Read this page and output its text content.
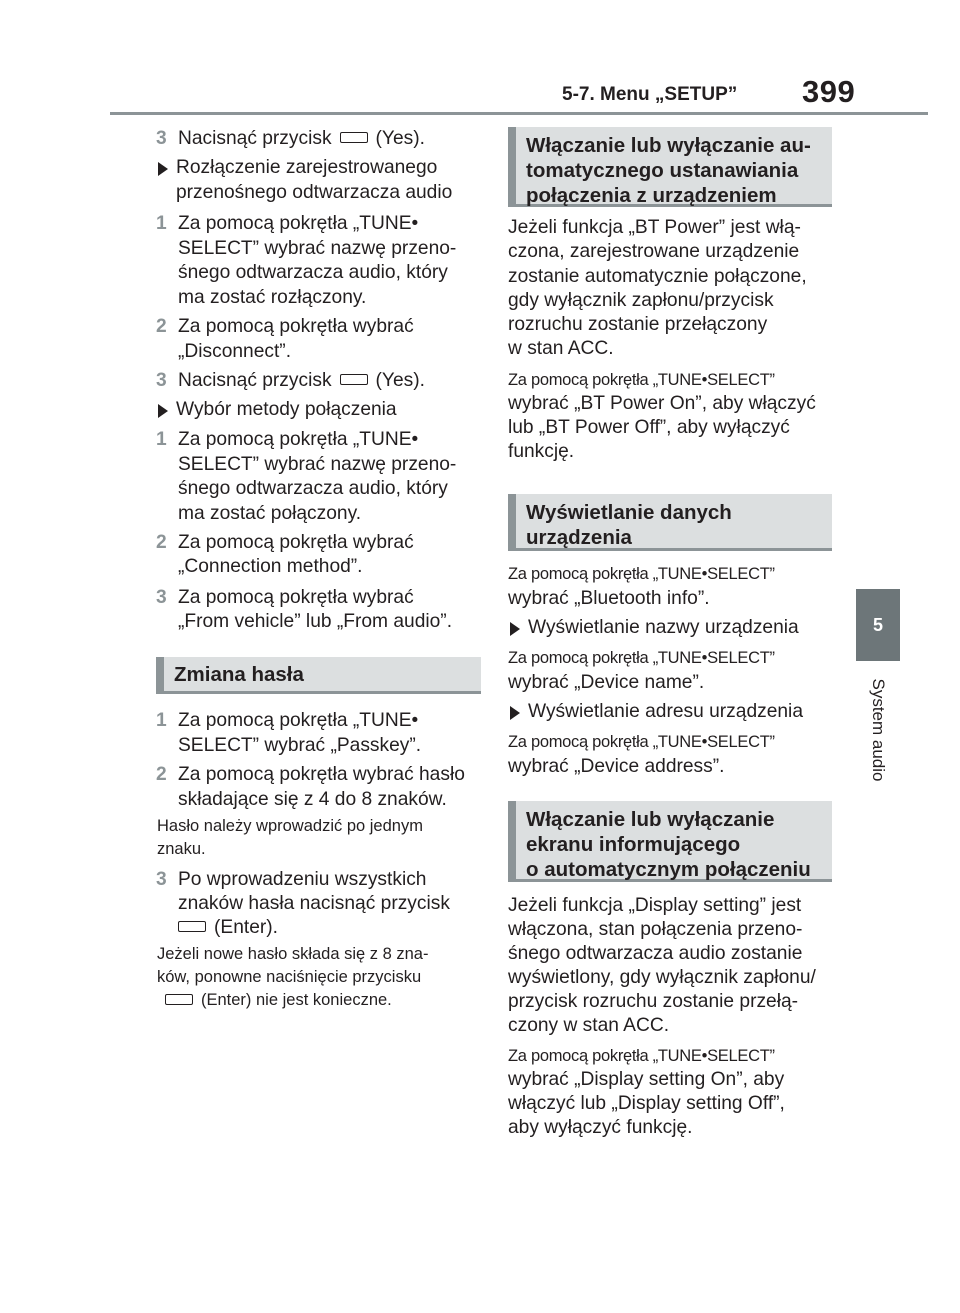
5-7. Menu „SETUP” 399
5
System audio
3 Nacisnąć przycisk (Yes).
Rozłączenie zarejestrowanego
przenośnego odtwarzacza audio
1 Za pomocą pokrętła „TUNE•
SELECT” wybrać nazwę przeno-
śnego odtwarzacza audio, który
ma zostać rozłączony.
2 Za pomocą pokrętła wybrać
„Disconnect”.
3 Nacisnąć przycisk (Yes).
Wybór metody połączenia
1 Za pomocą pokrętła „TUNE•
SELECT” wybrać nazwę przeno-
śnego odtwarzacza audio, który
ma zostać połączony.
2 Za pomocą pokrętła wybrać
„Connection method”.
3 Za pomocą pokrętła wybrać
„From vehicle” lub „From audio”.
Zmiana hasła
1 Za pomocą pokrętła „TUNE•
SELECT” wybrać „Passkey”.
2 Za pomocą pokrętła wybrać hasło
składające się z 4 do 8 znaków.
Hasło należy wprowadzić po jednym
znaku.
3 Po wprowadzeniu wszystkich
znaków hasła nacisnąć przycisk
(Enter).
Jeżeli nowe hasło składa się z 8 zna-
ków, ponowne naciśnięcie przycisku
(Enter) nie jest konieczne.
Włączanie lub wyłączanie au-
tomatycznego ustanawiania
połączenia z urządzeniem
Jeżeli funkcja „BT Power” jest włą-
czona, zarejestrowane urządzenie
zostanie automatycznie połączone,
gdy wyłącznik zapłonu/przycisk
rozruchu zostanie przełączony
w stan ACC.
Za pomocą pokrętła „TUNE•SELECT”
wybrać „BT Power On”, aby włączyć
lub „BT Power Off”, aby wyłączyć
funkcję.
Wyświetlanie danych
urządzenia
Za pomocą pokrętła „TUNE•SELECT”
wybrać „Bluetooth info”.
Wyświetlanie nazwy urządzenia
Za pomocą pokrętła „TUNE•SELECT”
wybrać „Device name”.
Wyświetlanie adresu urządzenia
Za pomocą pokrętła „TUNE•SELECT”
wybrać „Device address”.
Włączanie lub wyłączanie
ekranu informującego
o automatycznym połączeniu
Jeżeli funkcja „Display setting” jest
włączona, stan połączenia przeno-
śnego odtwarzacza audio zostanie
wyświetlony, gdy wyłącznik zapłonu/
przycisk rozruchu zostanie przełą-
czony w stan ACC.
Za pomocą pokrętła „TUNE•SELECT”
wybrać „Display setting On”, aby
włączyć lub „Display setting Off”,
aby wyłączyć funkcję.
